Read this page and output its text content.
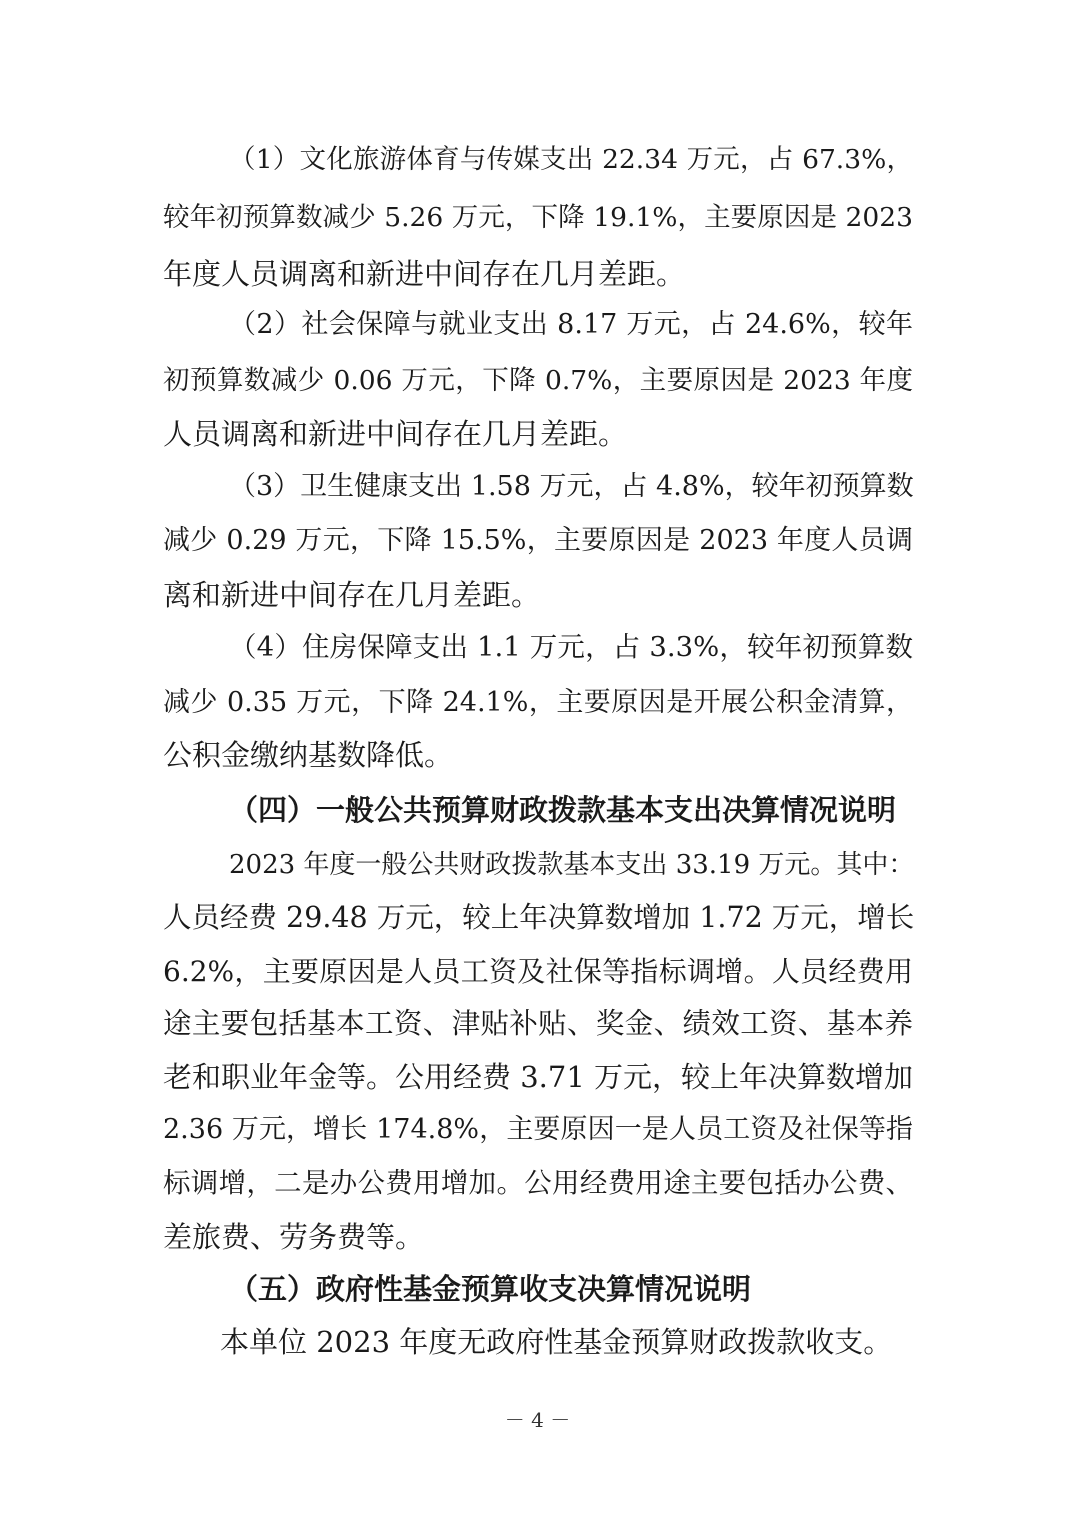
（1）文化旅游体育与传媒支出 22.34 万元，占 67.3%，
较年初预算数减少 5.26 万元，下降 19.1%，主要原因是 2023
年度人员调离和新进中间存在几月差距。
（2）社会保障与就业支出 8.17 万元，占 24.6%，较年
初预算数减少 0.06 万元，下降 0.7%，主要原因是 2023 年度
人员调离和新进中间存在几月差距。
（3）卫生健康支出 1.58 万元，占 4.8%，较年初预算数
减少 0.29 万元，下降 15.5%，主要原因是 2023 年度人员调
离和新进中间存在几月差距。
（4）住房保障支出 1.1 万元，占 3.3%，较年初预算数
减少 0.35 万元，下降 24.1%，主要原因是开展公积金清算，
公积金缴纳基数降低。
（四）一般公共预算财政拨款基本支出决算情况说明
2023 年度一般公共财政拨款基本支出 33.19 万元。其中：
人员经费 29.48 万元，较上年决算数增加 1.72 万元，增长
6.2%，主要原因是人员工资及社保等指标调增。人员经费用
途主要包括基本工资、津贴补贴、奖金、绩效工资、基本养
老和职业年金等。公用经费 3.71 万元，较上年决算数增加
2.36 万元，增长 174.8%，主要原因一是人员工资及社保等指
标调增，二是办公费用增加。公用经费用途主要包括办公费、
差旅费、劳务费等。
（五）政府性基金预算收支决算情况说明
本单位 2023 年度无政府性基金预算财政拨款收支。
－ 4 －
